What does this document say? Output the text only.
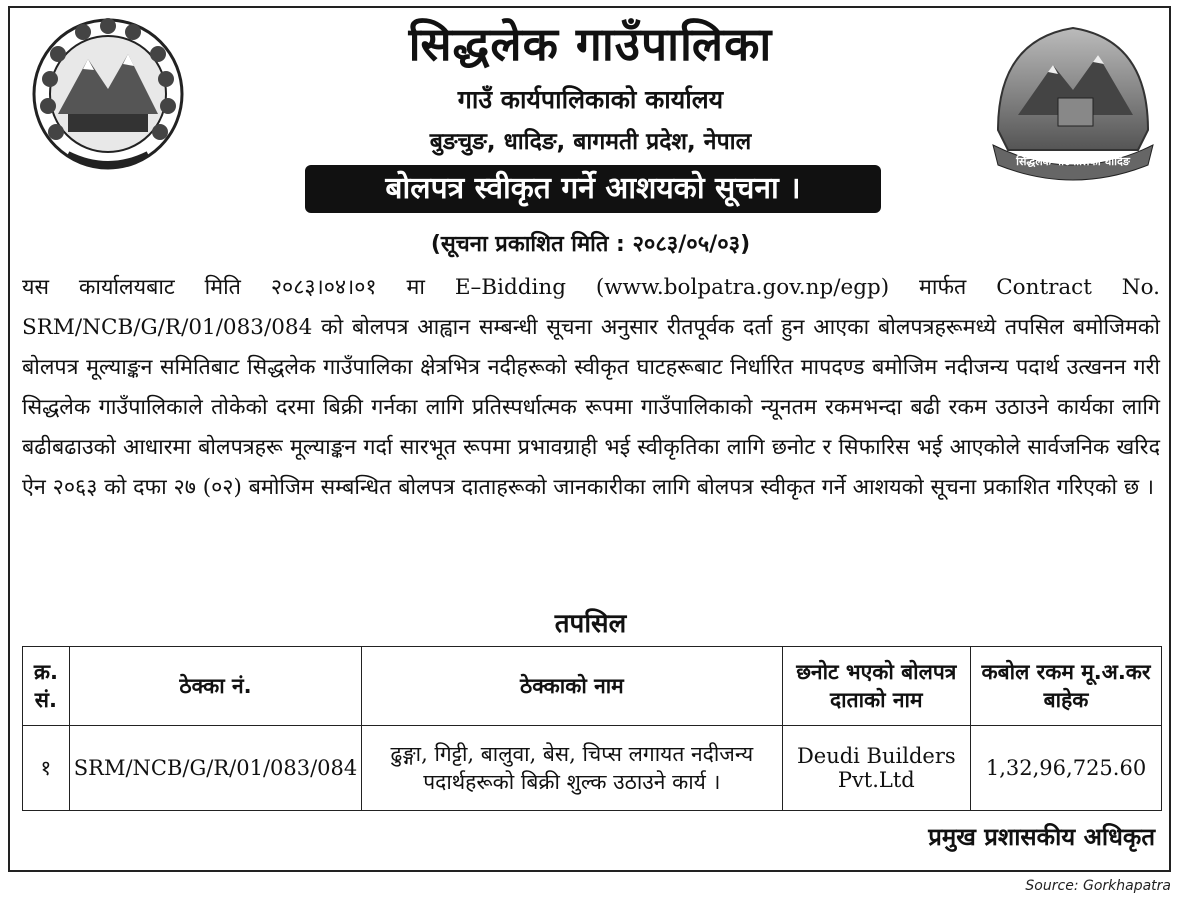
सिद्धलेक गाउँपालिका धादिङ
सिद्धलेक गाउँपालिका
गाउँ कार्यपालिकाको कार्यालय
बुङचुङ, धादिङ, बागमती प्रदेश, नेपाल
बोलपत्र स्वीकृत गर्ने आशयको सूचना ।
(सूचना प्रकाशित मिति : २०८३/०५/०३)
यस कार्यालयबाट मिति २०८३।०४।०१ मा E–Bidding (www.bolpatra.gov.np/egp) मार्फत Contract No. SRM/NCB/G/R/01/083/084 को बोलपत्र आह्वान सम्बन्धी सूचना अनुसार रीतपूर्वक दर्ता हुन आएका बोलपत्रहरूमध्ये तपसिल बमोजिमको बोलपत्र मूल्याङ्कन समितिबाट सिद्धलेक गाउँपालिका क्षेत्रभित्र नदीहरूको स्वीकृत घाटहरूबाट निर्धारित मापदण्ड बमोजिम नदीजन्य पदार्थ उत्खनन गरी सिद्धलेक गाउँपालिकाले तोकेको दरमा बिक्री गर्नका लागि प्रतिस्पर्धात्मक रूपमा गाउँपालिकाको न्यूनतम रकमभन्दा बढी रकम उठाउने कार्यका लागि बढीबढाउको आधारमा बोलपत्रहरू मूल्याङ्कन गर्दा सारभूत रूपमा प्रभावग्राही भई स्वीकृतिका लागि छनोट र सिफारिस भई आएकोले सार्वजनिक खरिद ऐन २०६३ को दफा २७ (०२) बमोजिम सम्बन्धित बोलपत्र दाताहरूको जानकारीका लागि बोलपत्र स्वीकृत गर्ने आशयको सूचना प्रकाशित गरिएको छ ।
तपसिल
क्र. सं.	ठेक्का नं.	ठेक्काको नाम	छनोट भएको बोलपत्र दाताको नाम	कबोल रकम मू.अ.कर बाहेक
१	SRM/NCB/G/R/01/083/084	ढुङ्गा, गिट्टी, बालुवा, बेस, चिप्स लगायत नदीजन्य पदार्थहरूको बिक्री शुल्क उठाउने कार्य ।	Deudi Builders Pvt.Ltd	1,32,96,725.60
प्रमुख प्रशासकीय अधिकृत
Source: Gorkhapatra
